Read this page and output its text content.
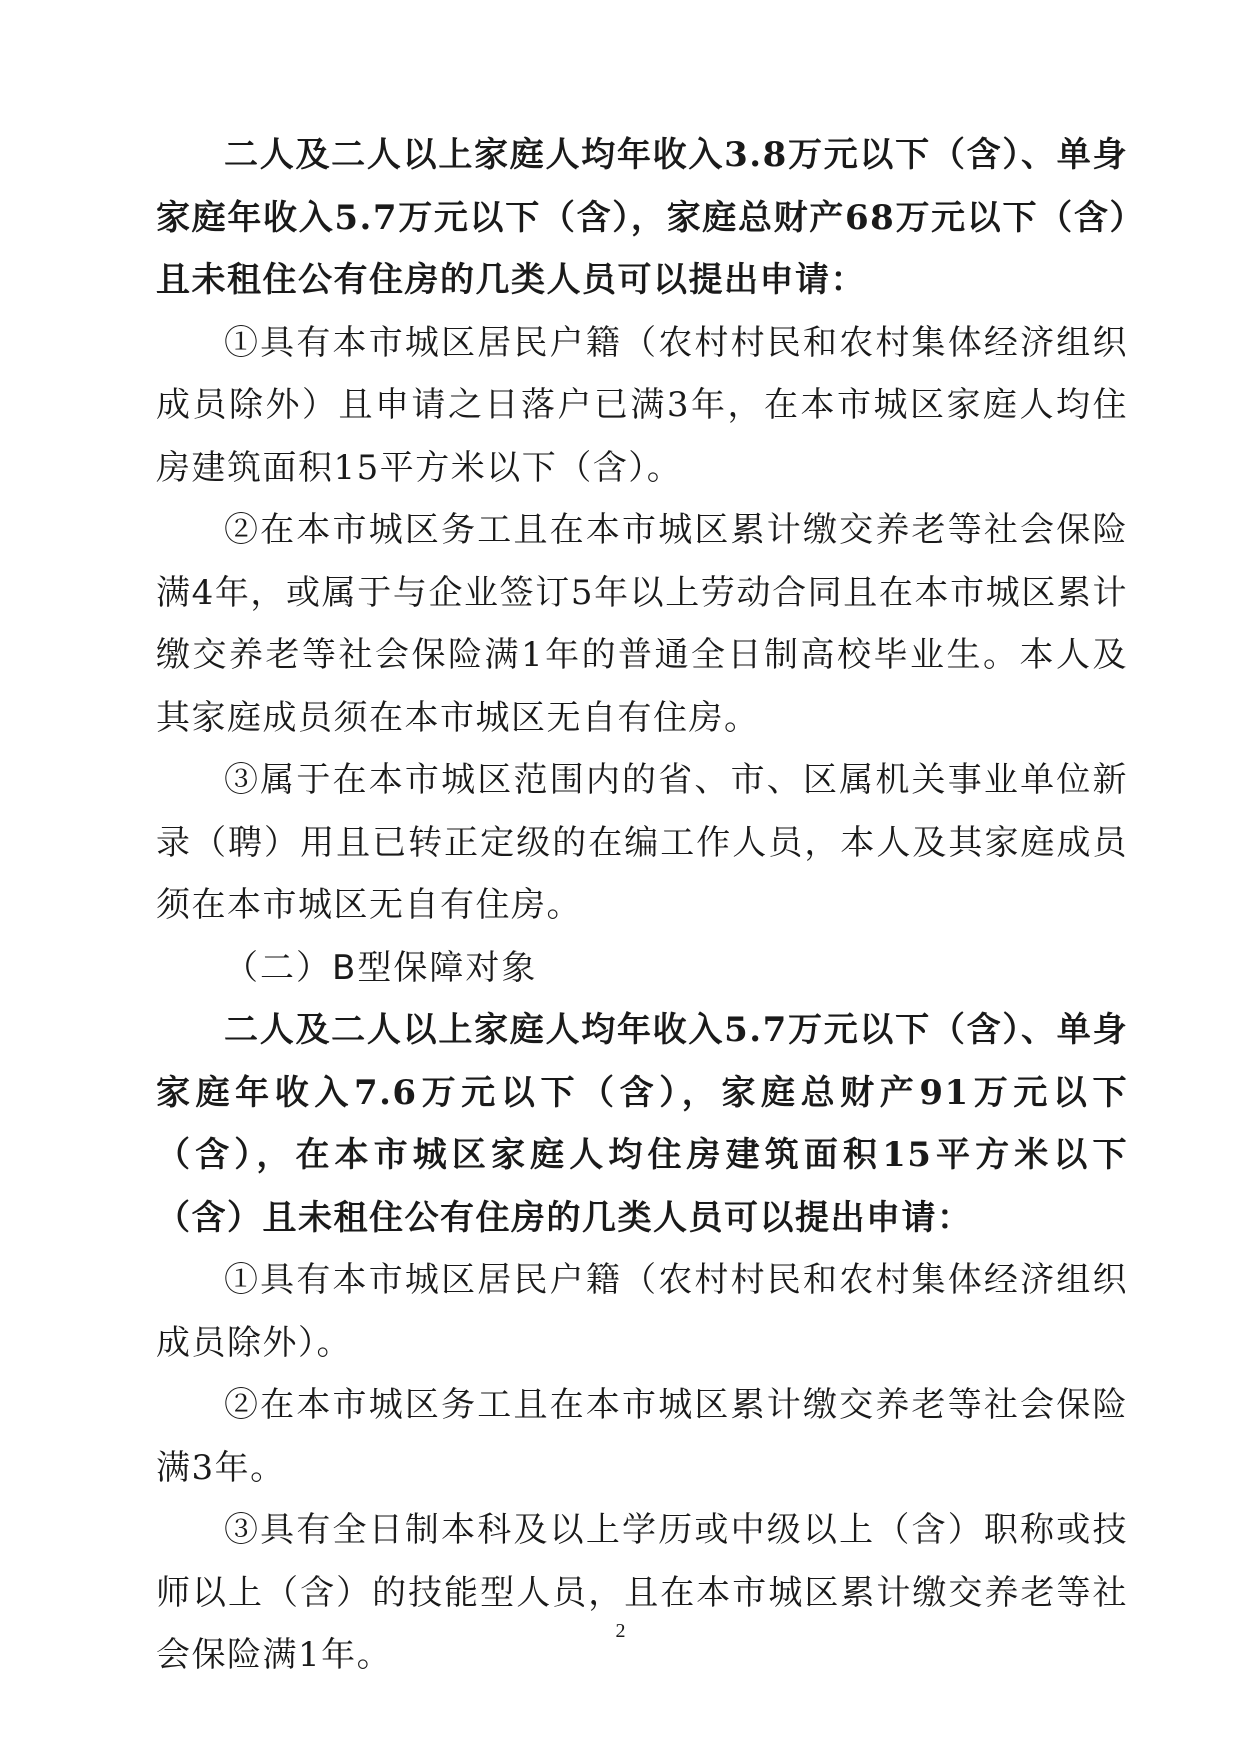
二人及二人以上家庭人均年收入3.8万元以下（含）、单身家庭年收入5.7万元以下（含），家庭总财产68万元以下（含）且未租住公有住房的几类人员可以提出申请：

①具有本市城区居民户籍（农村村民和农村集体经济组织成员除外）且申请之日落户已满3年，在本市城区家庭人均住房建筑面积15平方米以下（含）。

②在本市城区务工且在本市城区累计缴交养老等社会保险满4年，或属于与企业签订5年以上劳动合同且在本市城区累计缴交养老等社会保险满1年的普通全日制高校毕业生。本人及其家庭成员须在本市城区无自有住房。

③属于在本市城区范围内的省、市、区属机关事业单位新录（聘）用且已转正定级的在编工作人员，本人及其家庭成员须在本市城区无自有住房。

（二）B型保障对象

二人及二人以上家庭人均年收入5.7万元以下（含）、单身家庭年收入7.6万元以下（含），家庭总财产91万元以下（含），在本市城区家庭人均住房建筑面积15平方米以下（含）且未租住公有住房的几类人员可以提出申请：

①具有本市城区居民户籍（农村村民和农村集体经济组织成员除外）。

②在本市城区务工且在本市城区累计缴交养老等社会保险满3年。

③具有全日制本科及以上学历或中级以上（含）职称或技师以上（含）的技能型人员，且在本市城区累计缴交养老等社会保险满1年。

2
